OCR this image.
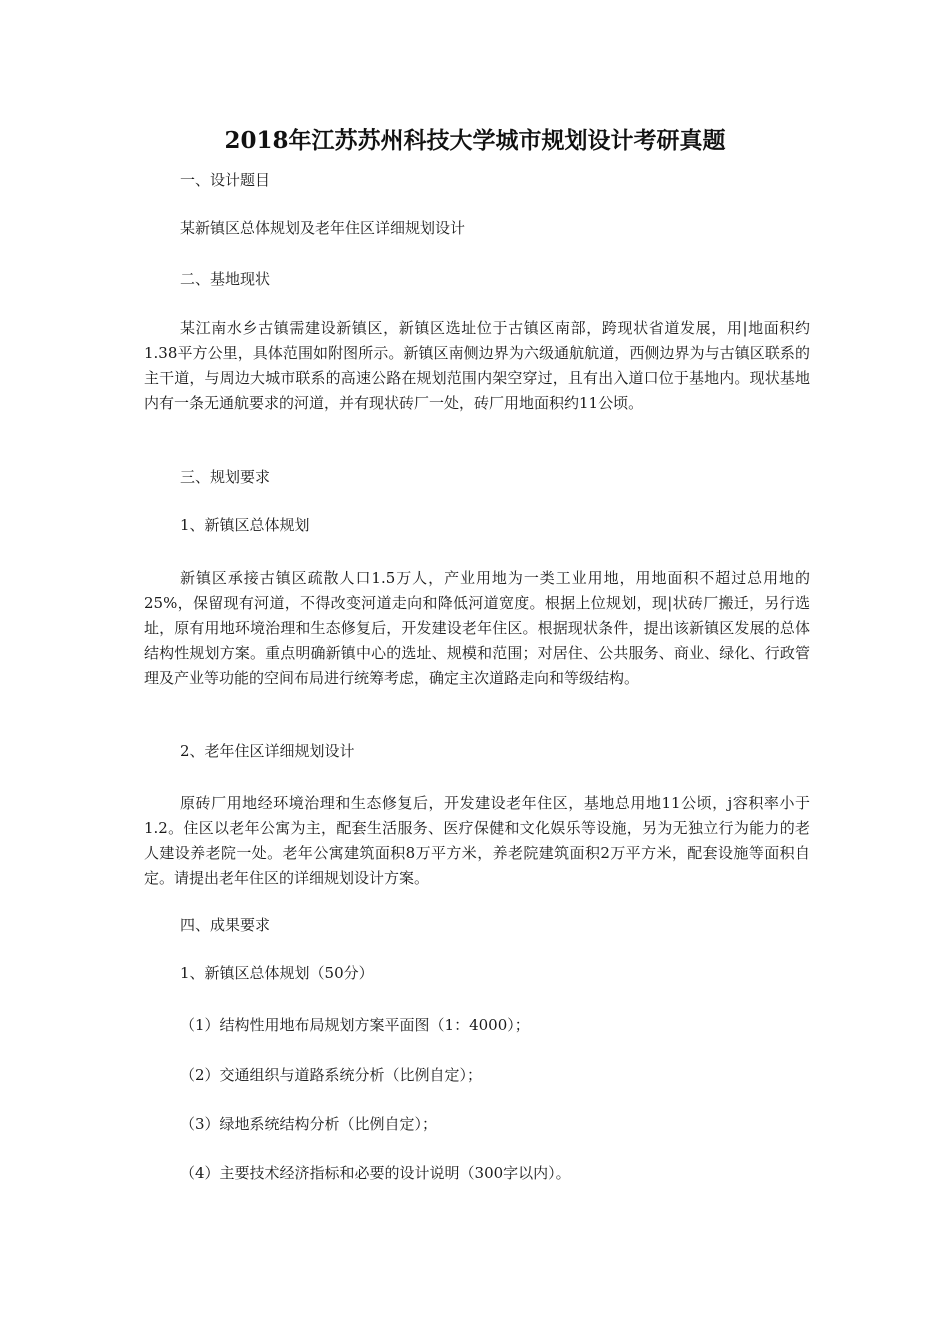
2018年江苏苏州科技大学城市规划设计考研真题
一、设计题目
某新镇区总体规划及老年住区详细规划设计
二、基地现状
某江南水乡古镇需建设新镇区，新镇区选址位于古镇区南部，跨现状省道发展，用|地面积约1.38平方公里，具体范围如附图所示。新镇区南侧边界为六级通航航道，西侧边界为与古镇区联系的主干道，与周边大城市联系的高速公路在规划范围内架空穿过，且有出入道口位于基地内。现状基地内有一条无通航要求的河道，并有现状砖厂一处，砖厂用地面积约11公顷。
三、规划要求
1、新镇区总体规划
新镇区承接古镇区疏散人口1.5万人，产业用地为一类工业用地，用地面积不超过总用地的25%，保留现有河道，不得改变河道走向和降低河道宽度。根据上位规划，现|状砖厂搬迁，另行选址，原有用地环境治理和生态修复后，开发建设老年住区。根据现状条件，提出该新镇区发展的总体结构性规划方案。重点明确新镇中心的选址、规模和范围；对居住、公共服务、商业、绿化、行政管理及产业等功能的空间布局进行统筹考虑，确定主次道路走向和等级结构。
2、老年住区详细规划设计
原砖厂用地经环境治理和生态修复后，开发建设老年住区，基地总用地11公顷，j容积率小于1.2。住区以老年公寓为主，配套生活服务、医疗保健和文化娱乐等设施，另为无独立行为能力的老人建设养老院一处。老年公寓建筑面积8万平方米，养老院建筑面积2万平方米，配套设施等面积自定。请提出老年住区的详细规划设计方案。
四、成果要求
1、新镇区总体规划（50分）
（1）结构性用地布局规划方案平面图（1：4000）；
（2）交通组织与道路系统分析（比例自定）；
（3）绿地系统结构分析（比例自定）；
（4）主要技术经济指标和必要的设计说明（300字以内）。
